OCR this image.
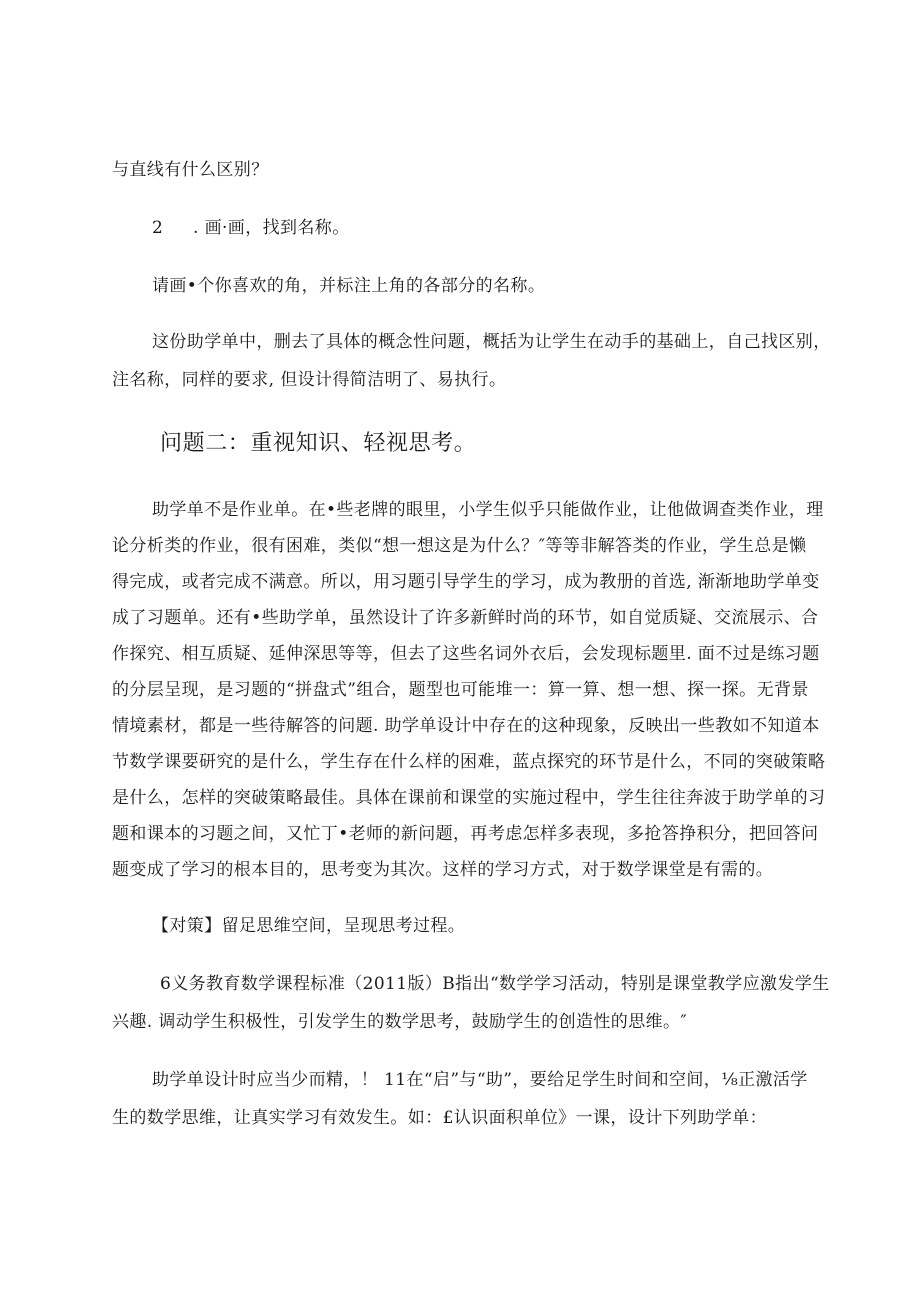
与直线有什么区别？
2 . 画·画，找到名称。
请画•个你喜欢的角，并标注上角的各部分的名称。
这份助学单中，删去了具体的概念性问题，概括为让学生在动手的基础上，自己找区别，
注名称，同样的要求, 但设计得简洁明了、易执行。
问题二：重视知识、轻视思考。
助学单不是作业单。在•些老牌的眼里，小学生似乎只能做作业，让他做调查类作业，理
论分析类的作业，很有困难，类似“想一想这是为什么？″等等非解答类的作业，学生总是懒
得完成，或者完成不满意。所以，用习题引导学生的学习，成为教册的首选, 渐渐地助学单变
成了习题单。还有•些助学单，虽然设计了许多新鲜时尚的环节，如自觉质疑、交流展示、合
作探究、相互质疑、延伸深思等等，但去了这些名词外衣后，会发现标题里. 面不过是练习题
的分层呈现，是习题的“拼盘式”组合，题型也可能堆一：算一算、想一想、探一探。无背景
情境素材，都是一些待解答的问题. 助学单设计中存在的这种现象，反映出一些教如不知道本
节数学课要研究的是什么，学生存在什么样的困难，蓝点探究的环节是什么，不同的突破策略
是什么，怎样的突破策略最佳。具体在课前和课堂的实施过程中，学生往往奔波于助学单的习
题和课本的习题之间，又忙丁•老师的新问题，再考虑怎样多表现，多抢答挣积分，把回答问
题变成了学习的根本目的，思考变为其次。这样的学习方式，对于数学课堂是有需的。
【对策】留足思维空间，呈现思考过程。
6义务教育数学课程标准（2011版）B指出“数学学习活动，特别是课堂教学应激发学生
兴趣. 调动学生积极性，引发学生的数学思考，鼓励学生的创造性的思维。″
助学单设计时应当少而精，！ 11在“启”与“助”，要给足学生时间和空间，⅛正激活学
生的数学思维，让真实学习有效发生。如：£认识面积单位》一课，设计下列助学单：
